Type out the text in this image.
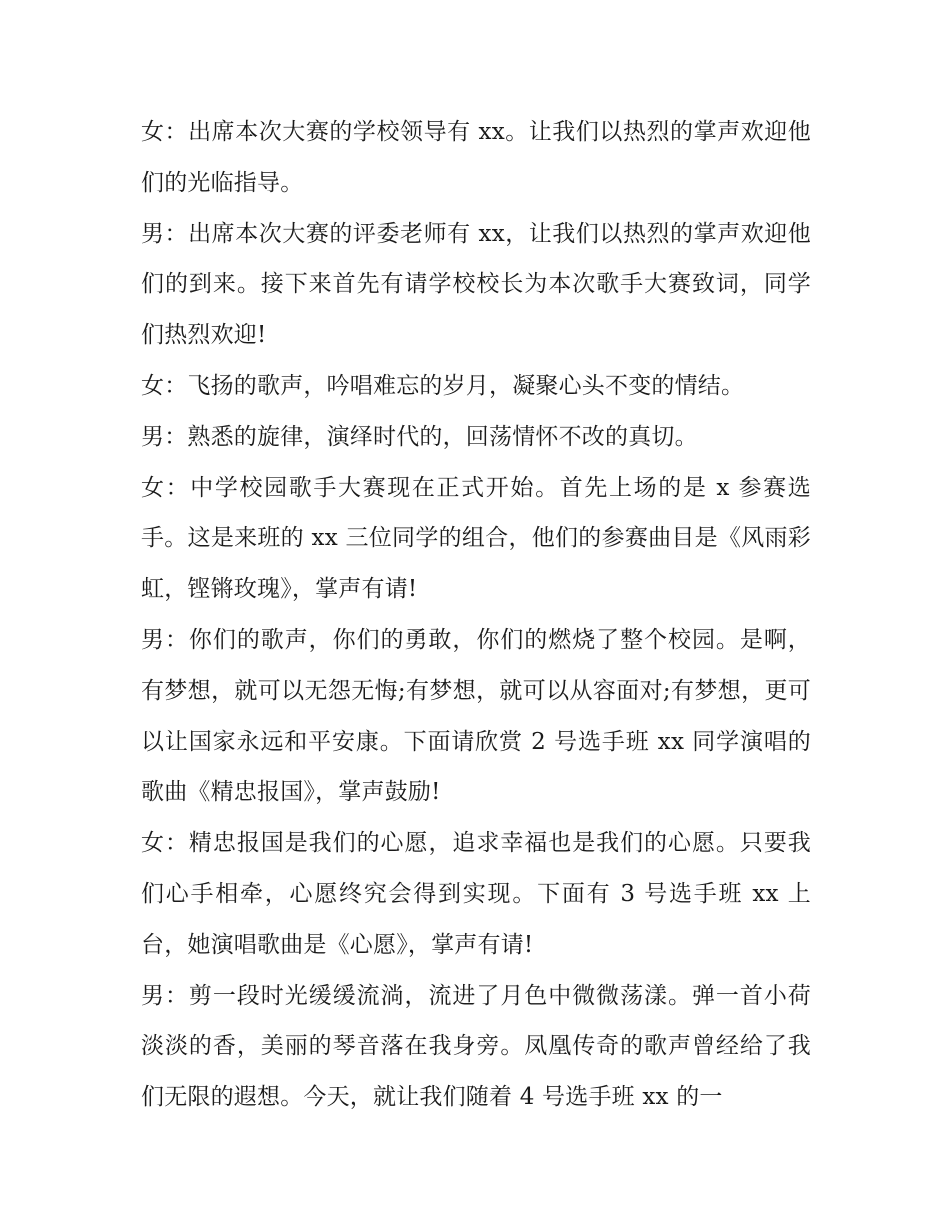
女：出席本次大赛的学校领导有 xx。让我们以热烈的掌声欢迎他们的光临指导。

男：出席本次大赛的评委老师有 xx，让我们以热烈的掌声欢迎他们的到来。接下来首先有请学校校长为本次歌手大赛致词，同学们热烈欢迎!

女：飞扬的歌声，吟唱难忘的岁月，凝聚心头不变的情结。

男：熟悉的旋律，演绎时代的，回荡情怀不改的真切。

女：中学校园歌手大赛现在正式开始。首先上场的是 x 参赛选手。这是来班的 xx 三位同学的组合，他们的参赛曲目是《风雨彩虹，铿锵玫瑰》，掌声有请!

男：你们的歌声，你们的勇敢，你们的燃烧了整个校园。是啊，有梦想，就可以无怨无悔;有梦想，就可以从容面对;有梦想，更可以让国家永远和平安康。下面请欣赏 2 号选手班 xx 同学演唱的歌曲《精忠报国》，掌声鼓励!

女：精忠报国是我们的心愿，追求幸福也是我们的心愿。只要我们心手相牵，心愿终究会得到实现。下面有 3 号选手班 xx 上台，她演唱歌曲是《心愿》，掌声有请!

男：剪一段时光缓缓流淌，流进了月色中微微荡漾。弹一首小荷淡淡的香，美丽的琴音落在我身旁。凤凰传奇的歌声曾经给了我们无限的遐想。今天，就让我们随着 4 号选手班 xx 的一
